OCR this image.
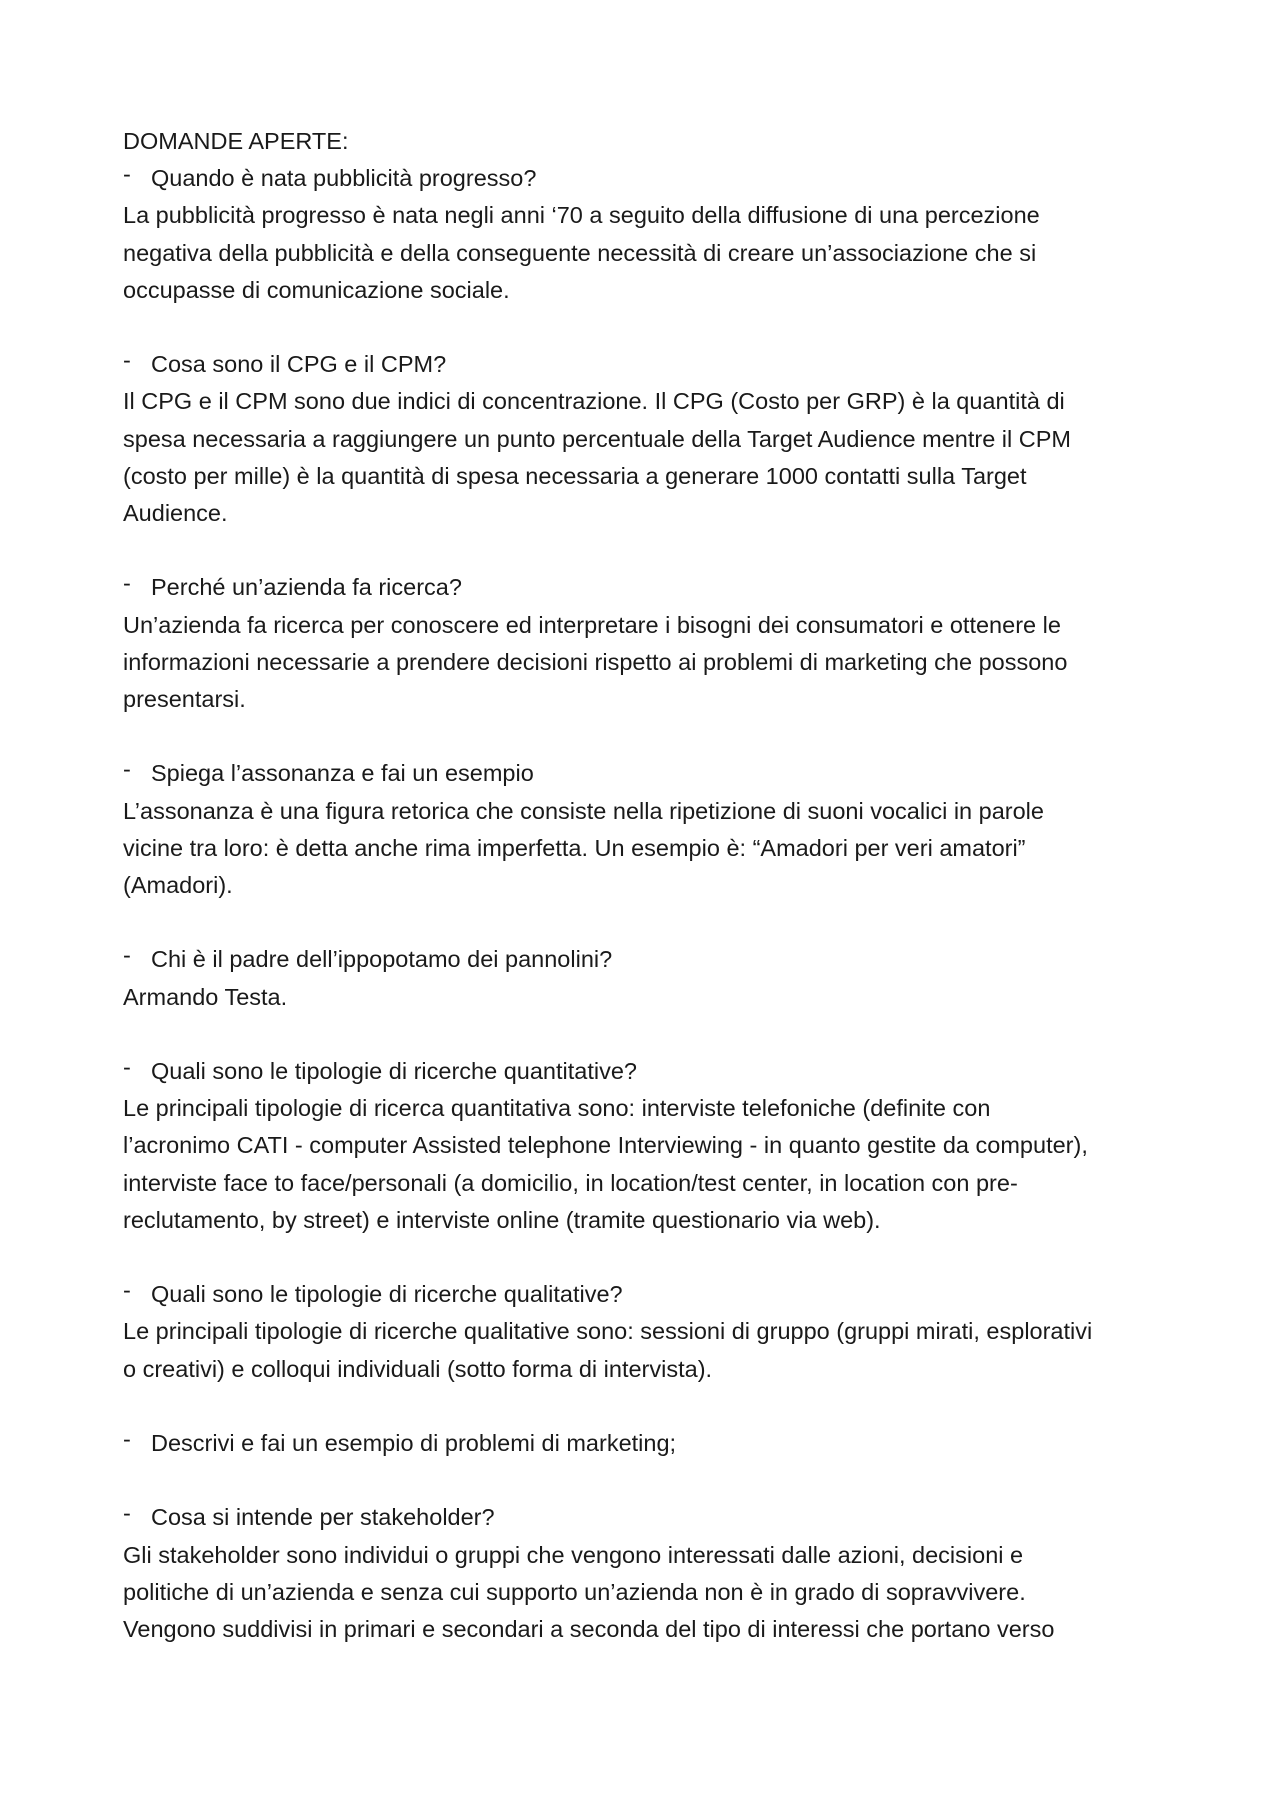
DOMANDE APERTE:
- Quando è nata pubblicità progresso?
La pubblicità progresso è nata negli anni ‘70 a seguito della diffusione di una percezione
negativa della pubblicità e della conseguente necessità di creare un’associazione che si
occupasse di comunicazione sociale.
- Cosa sono il CPG e il CPM?
Il CPG e il CPM sono due indici di concentrazione. Il CPG (Costo per GRP) è la quantità di
spesa necessaria a raggiungere un punto percentuale della Target Audience mentre il CPM
(costo per mille) è la quantità di spesa necessaria a generare 1000 contatti sulla Target
Audience.
- Perché un’azienda fa ricerca?
Un’azienda fa ricerca per conoscere ed interpretare i bisogni dei consumatori e ottenere le
informazioni necessarie a prendere decisioni rispetto ai problemi di marketing che possono
presentarsi.
- Spiega l’assonanza e fai un esempio
L’assonanza è una figura retorica che consiste nella ripetizione di suoni vocalici in parole
vicine tra loro: è detta anche rima imperfetta. Un esempio è: “Amadori per veri amatori”
(Amadori).
- Chi è il padre dell’ippopotamo dei pannolini?
Armando Testa.
- Quali sono le tipologie di ricerche quantitative?
Le principali tipologie di ricerca quantitativa sono: interviste telefoniche (definite con
l’acronimo CATI - computer Assisted telephone Interviewing - in quanto gestite da computer),
interviste face to face/personali (a domicilio, in location/test center, in location con pre-
reclutamento, by street) e interviste online (tramite questionario via web).
- Quali sono le tipologie di ricerche qualitative?
Le principali tipologie di ricerche qualitative sono: sessioni di gruppo (gruppi mirati, esplorativi
o creativi) e colloqui individuali (sotto forma di intervista).
- Descrivi e fai un esempio di problemi di marketing;
- Cosa si intende per stakeholder?
Gli stakeholder sono individui o gruppi che vengono interessati dalle azioni, decisioni e
politiche di un’azienda e senza cui supporto un’azienda non è in grado di sopravvivere.
Vengono suddivisi in primari e secondari a seconda del tipo di interessi che portano verso
